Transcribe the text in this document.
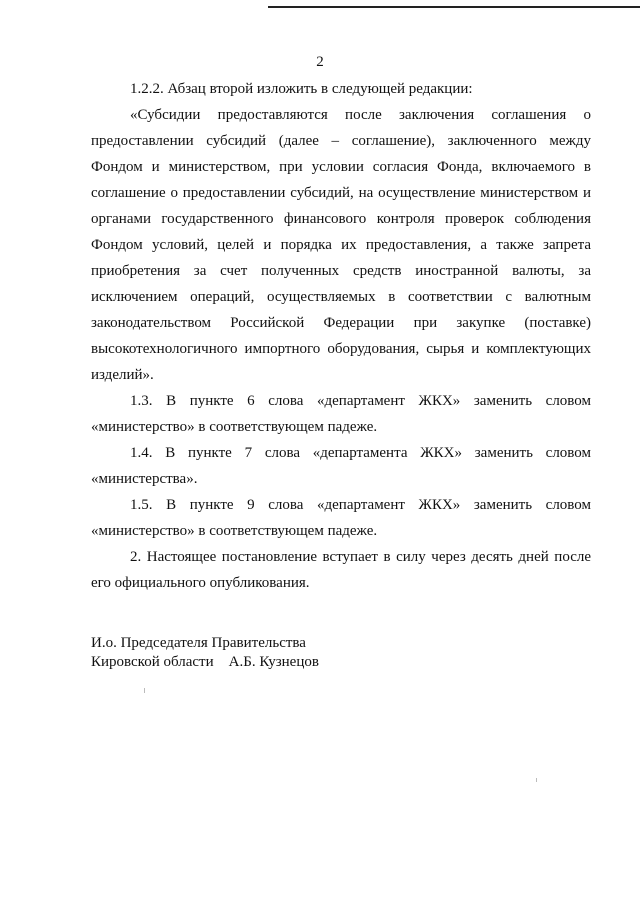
2

1.2.2. Абзац второй изложить в следующей редакции:

«Субсидии предоставляются после заключения соглашения о предоставлении субсидий (далее – соглашение), заключенного между Фондом и министерством, при условии согласия Фонда, включаемого в соглашение о предоставлении субсидий, на осуществление министерством и органами государственного финансового контроля проверок соблюдения Фондом условий, целей и порядка их предоставления, а также запрета приобретения за счет полученных средств иностранной валюты, за исключением операций, осуществляемых в соответствии с валютным законодательством Российской Федерации при закупке (поставке) высокотехнологичного импортного оборудования, сырья и комплектующих изделий».

1.3. В пункте 6 слова «департамент ЖКХ» заменить словом «министерство» в соответствующем падеже.

1.4. В пункте 7 слова «департамента ЖКХ» заменить словом «министерства».

1.5. В пункте 9 слова «департамент ЖКХ» заменить словом «министерство» в соответствующем падеже.

2. Настоящее постановление вступает в силу через десять дней после его официального опубликования.

И.о. Председателя Правительства
Кировской области    А.Б. Кузнецов
